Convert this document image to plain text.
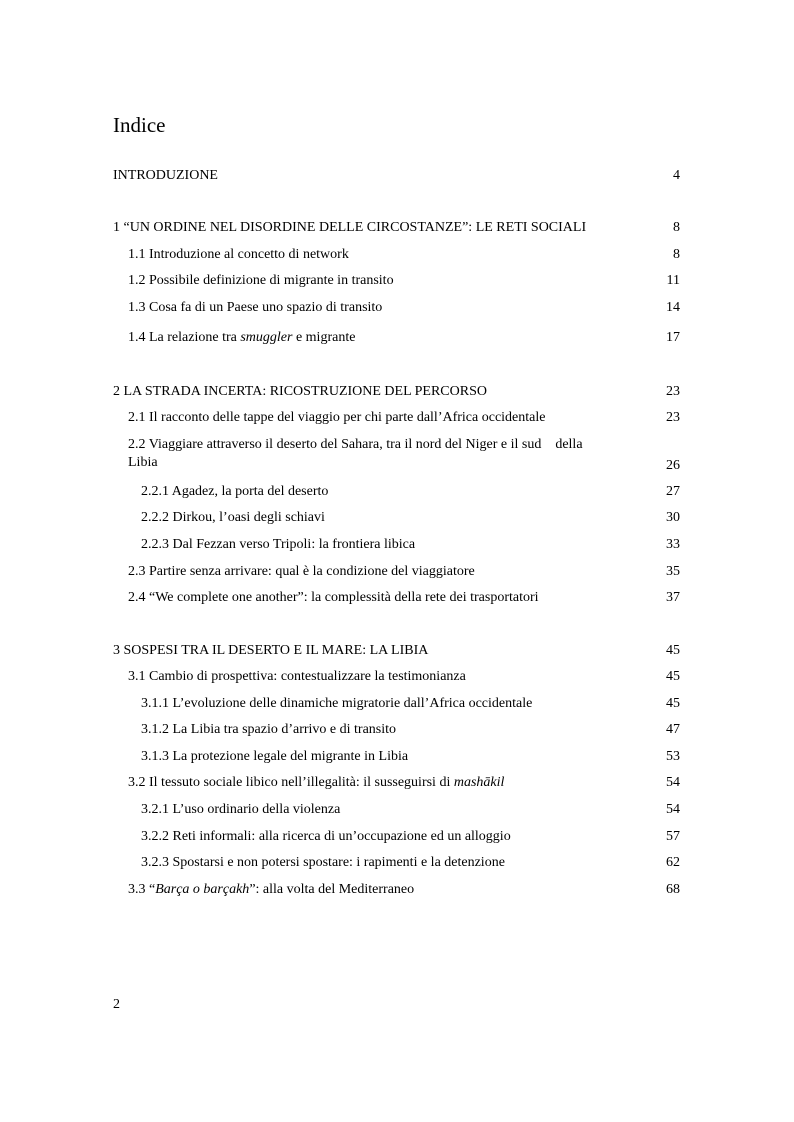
Indice
INTRODUZIONE	4
1 “UN ORDINE NEL DISORDINE DELLE CIRCOSTANZE”: LE RETI SOCIALI	8
1.1 Introduzione al concetto di network	8
1.2 Possibile definizione di migrante in transito	11
1.3 Cosa fa di un Paese uno spazio di transito	14
1.4 La relazione tra smuggler e migrante	17
2 LA STRADA INCERTA: RICOSTRUZIONE DEL PERCORSO	23
2.1 Il racconto delle tappe del viaggio per chi parte dall’Africa occidentale	23
2.2 Viaggiare attraverso il deserto del Sahara, tra il nord del Niger e il sud    della
Libia	26
2.2.1 Agadez, la porta del deserto	27
2.2.2 Dirkou, l’oasi degli schiavi	30
2.2.3 Dal Fezzan verso Tripoli: la frontiera libica	33
2.3 Partire senza arrivare: qual è la condizione del viaggiatore	35
2.4 “We complete one another”: la complessità della rete dei trasportatori	37
3 SOSPESI TRA IL DESERTO E IL MARE: LA LIBIA	45
3.1 Cambio di prospettiva: contestualizzare la testimonianza	45
3.1.1 L’evoluzione delle dinamiche migratorie dall’Africa occidentale	45
3.1.2 La Libia tra spazio d’arrivo e di transito	47
3.1.3 La protezione legale del migrante in Libia	53
3.2 Il tessuto sociale libico nell’illegalità: il susseguirsi di mashākil	54
3.2.1 L’uso ordinario della violenza	54
3.2.2 Reti informali: alla ricerca di un’occupazione ed un alloggio	57
3.2.3 Spostarsi e non potersi spostare: i rapimenti e la detenzione	62
3.3 “Barça o barçakh”: alla volta del Mediterraneo	68
2
